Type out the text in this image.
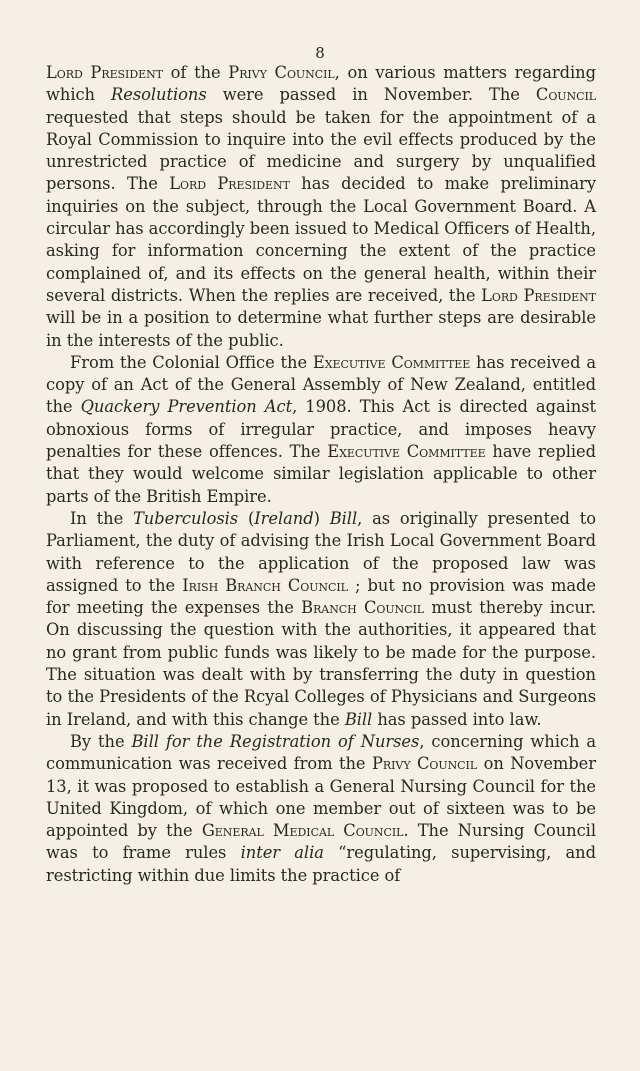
8

Lord President of the Privy Council, on various matters regarding which Resolutions were passed in November. The Council requested that steps should be taken for the appointment of a Royal Commission to inquire into the evil effects produced by the unrestricted practice of medicine and surgery by unqualified persons. The Lord President has decided to make preliminary inquiries on the subject, through the Local Government Board. A circular has accordingly been issued to Medical Officers of Health, asking for information concerning the extent of the practice complained of, and its effects on the general health, within their several districts. When the replies are received, the Lord President will be in a position to determine what further steps are desirable in the interests of the public.

From the Colonial Office the Executive Committee has received a copy of an Act of the General Assembly of New Zealand, entitled the Quackery Prevention Act, 1908. This Act is directed against obnoxious forms of irregular practice, and imposes heavy penalties for these offences. The Executive Committee have replied that they would welcome similar legislation applicable to other parts of the British Empire.

In the Tuberculosis (Ireland) Bill, as originally presented to Parliament, the duty of advising the Irish Local Government Board with reference to the application of the proposed law was assigned to the Irish Branch Council ; but no provision was made for meeting the expenses the Branch Council must thereby incur. On discussing the question with the authorities, it appeared that no grant from public funds was likely to be made for the purpose. The situation was dealt with by transferring the duty in question to the Presidents of the Rcyal Colleges of Physicians and Surgeons in Ireland, and with this change the Bill has passed into law.

By the Bill for the Registration of Nurses, concerning which a communication was received from the Privy Council on November 13, it was proposed to establish a General Nursing Council for the United Kingdom, of which one member out of sixteen was to be appointed by the General Medical Council. The Nursing Council was to frame rules inter alia “regulating, supervising, and restricting within due limits the practice of
